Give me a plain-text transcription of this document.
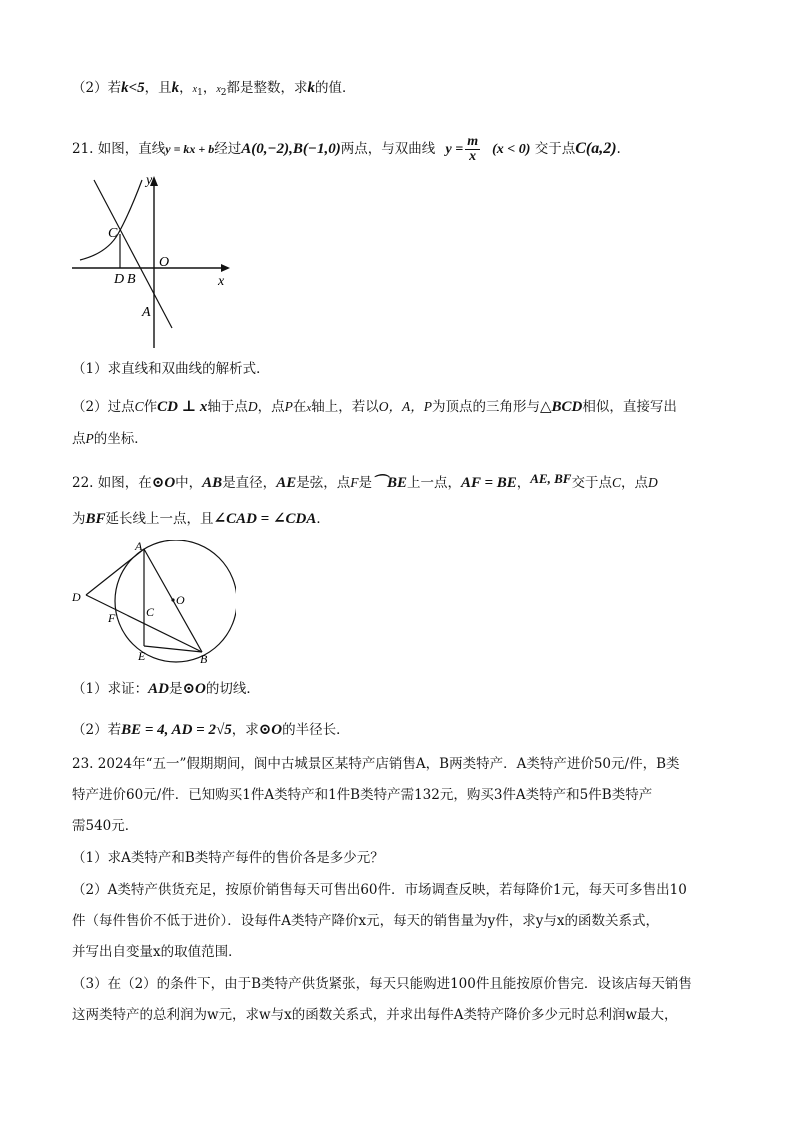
（2）若k<5，且k，$x_1$，$x_2$都是整数，求k的值．
21. 如图，直线y = kx + b经过A(0,−2),B(−1,0)两点，与双曲线 $y = \frac{m}{x} (x < 0)$ 交于点C(a,2).
y
x
O
C
D B
A
（1）求直线和双曲线的解析式．
（2）过点C作CD ⊥ x轴于点D，点P在x轴上，若以O，A，P为顶点的三角形与△BCD相似，直接写出
点P的坐标．
22. 如图，在⊙O中，AB是直径，AE是弦，点F是⌒BE上一点，AF = BE，AE, BF交于点C，点D
为BF延长线上一点，且∠CAD = ∠CDA．
A
O
D
C
F
E	B
（1）求证：AD是⊙O的切线．
（2）若BE = 4, AD = 2√5，求⊙O的半径长．
23. 2024年“五一”假期期间，阆中古城景区某特产店销售A，B两类特产．A类特产进价50元/件，B类
特产进价60元/件．已知购买1件A类特产和1件B类特产需132元，购买3件A类特产和5件B类特产
需540元．
（1）求A类特产和B类特产每件的售价各是多少元？
（2）A类特产供货充足，按原价销售每天可售出60件．市场调查反映，若每降价1元，每天可多售出10
件（每件售价不低于进价）．设每件A类特产降价x元，每天的销售量为y件，求y与x的函数关系式，
并写出自变量x的取值范围．
（3）在（2）的条件下，由于B类特产供货紧张，每天只能购进100件且能按原价售完．设该店每天销售
这两类特产的总利润为w元，求w与x的函数关系式，并求出每件A类特产降价多少元时总利润w最大，
